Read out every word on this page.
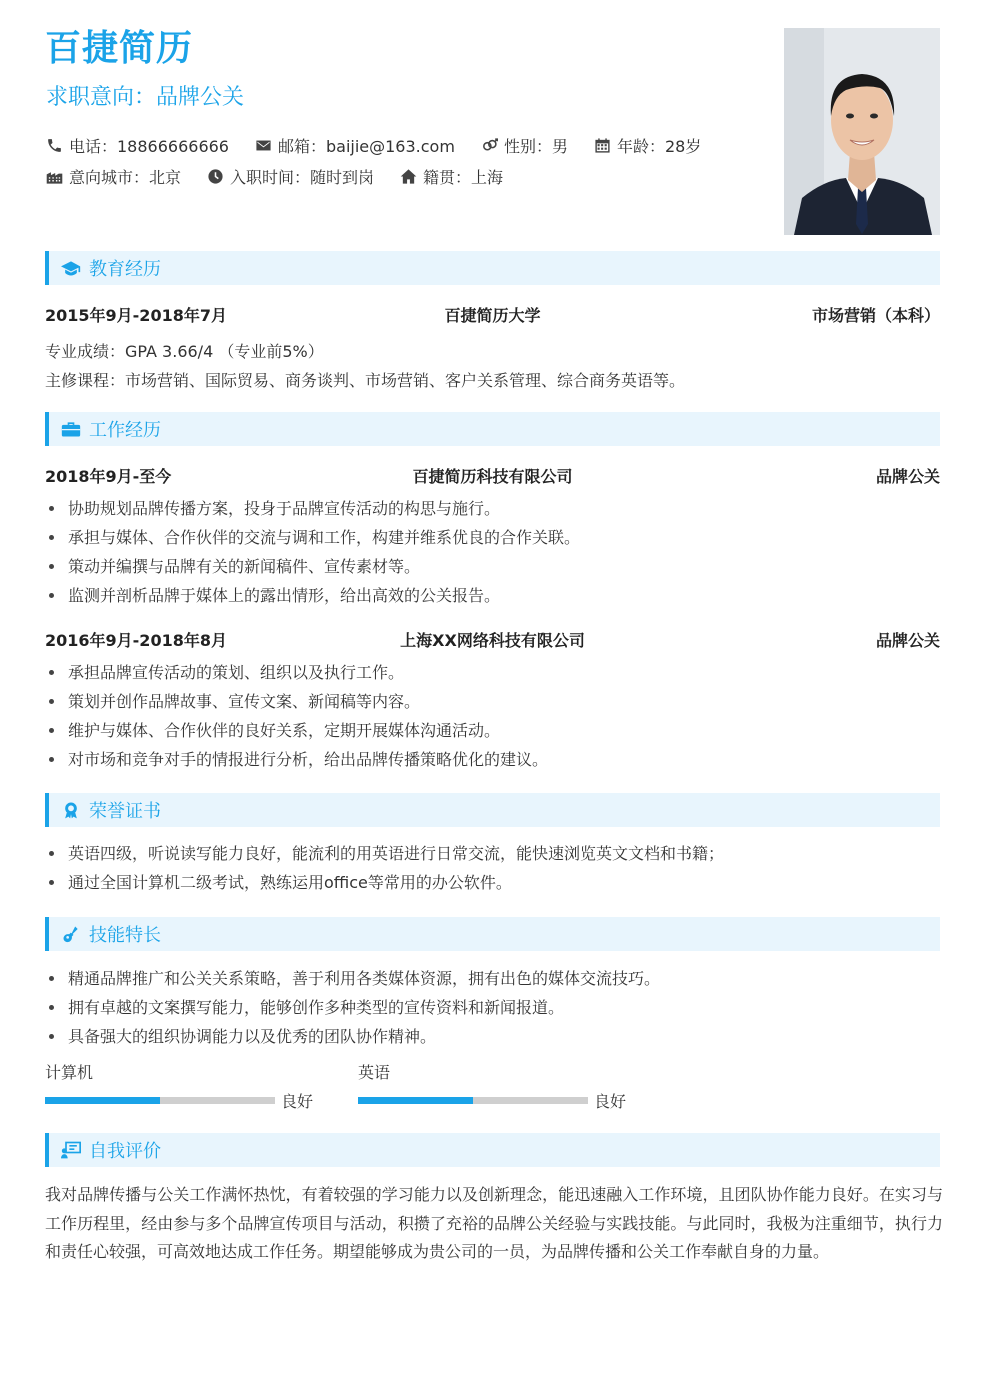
百捷简历
求职意向：品牌公关
电话：18866666666	邮箱：baijie@163.com	性别：男	年龄：28岁
意向城市：北京	入职时间：随时到岗	籍贯：上海
教育经历
2015年9月-2018年7月	百捷简历大学	市场营销（本科）
专业成绩：GPA 3.66/4 （专业前5%）
主修课程：市场营销、国际贸易、商务谈判、市场营销、客户关系管理、综合商务英语等。
工作经历
2018年9月-至今	百捷简历科技有限公司	品牌公关
协助规划品牌传播方案，投身于品牌宣传活动的构思与施行。
承担与媒体、合作伙伴的交流与调和工作，构建并维系优良的合作关联。
策动并编撰与品牌有关的新闻稿件、宣传素材等。
监测并剖析品牌于媒体上的露出情形，给出高效的公关报告。
2016年9月-2018年8月	上海XX网络科技有限公司	品牌公关
承担品牌宣传活动的策划、组织以及执行工作。
策划并创作品牌故事、宣传文案、新闻稿等内容。
维护与媒体、合作伙伴的良好关系，定期开展媒体沟通活动。
对市场和竞争对手的情报进行分析，给出品牌传播策略优化的建议。
荣誉证书
英语四级，听说读写能力良好，能流利的用英语进行日常交流，能快速浏览英文文档和书籍；
通过全国计算机二级考试，熟练运用office等常用的办公软件。
技能特长
精通品牌推广和公关关系策略，善于利用各类媒体资源，拥有出色的媒体交流技巧。
拥有卓越的文案撰写能力，能够创作多种类型的宣传资料和新闻报道。
具备强大的组织协调能力以及优秀的团队协作精神。
计算机
良好
英语
良好
自我评价
我对品牌传播与公关工作满怀热忱，有着较强的学习能力以及创新理念，能迅速融入工作环境，且团队协作能力良好。在实习与工作历程里，经由参与多个品牌宣传项目与活动，积攒了充裕的品牌公关经验与实践技能。与此同时，我极为注重细节，执行力和责任心较强，可高效地达成工作任务。期望能够成为贵公司的一员，为品牌传播和公关工作奉献自身的力量。
